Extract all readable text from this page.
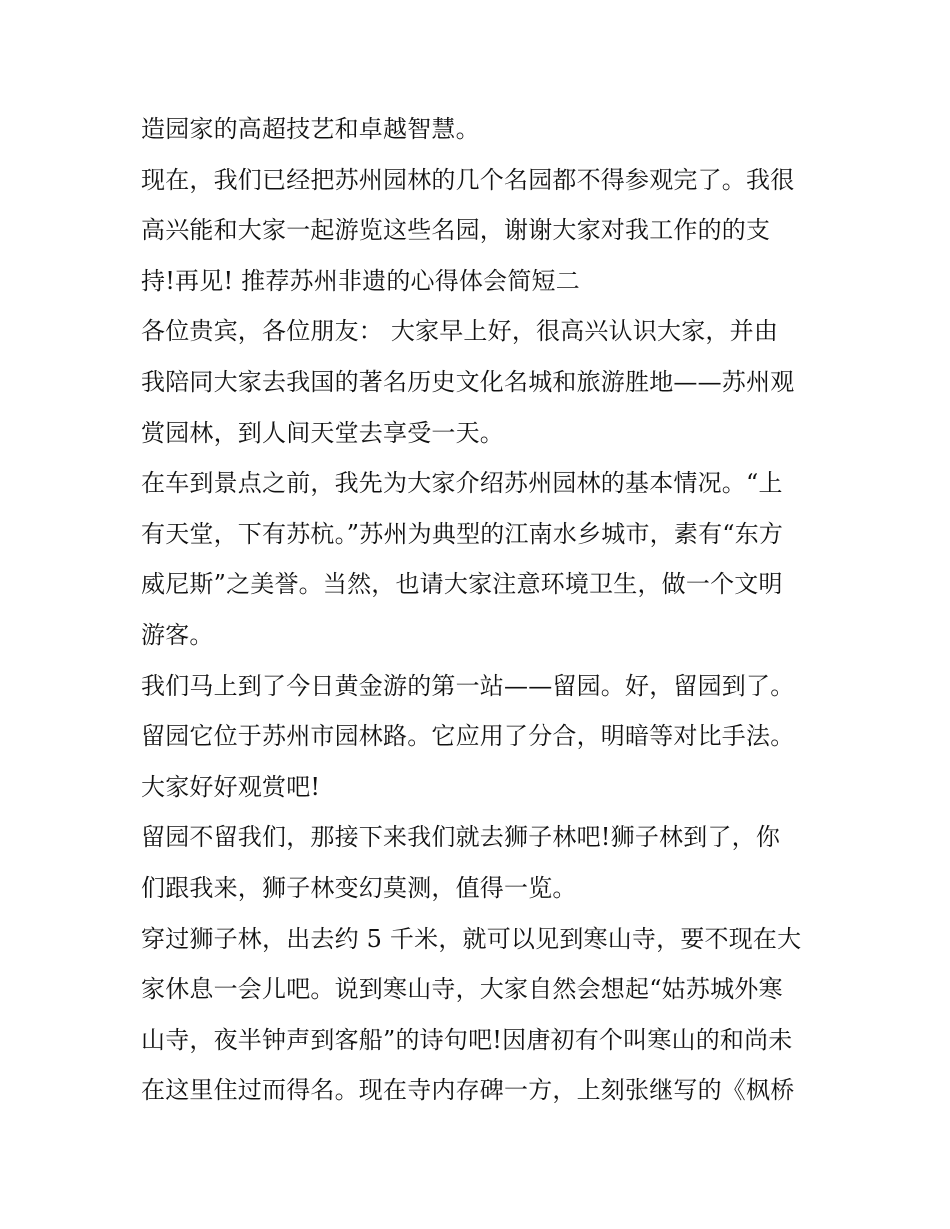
造园家的高超技艺和卓越智慧。
现在，我们已经把苏州园林的几个名园都不得参观完了。我很
高兴能和大家一起游览这些名园，谢谢大家对我工作的的支
持!再见! 推荐苏州非遗的心得体会简短二
各位贵宾，各位朋友： 大家早上好，很高兴认识大家，并由
我陪同大家去我国的著名历史文化名城和旅游胜地——苏州观
赏园林，到人间天堂去享受一天。
在车到景点之前，我先为大家介绍苏州园林的基本情况。“上
有天堂，下有苏杭。”苏州为典型的江南水乡城市，素有“东方
威尼斯”之美誉。当然，也请大家注意环境卫生，做一个文明
游客。
我们马上到了今日黄金游的第一站——留园。好，留园到了。
留园它位于苏州市园林路。它应用了分合，明暗等对比手法。
大家好好观赏吧!
留园不留我们，那接下来我们就去狮子林吧!狮子林到了，你
们跟我来，狮子林变幻莫测，值得一览。
穿过狮子林，出去约 5 千米，就可以见到寒山寺，要不现在大
家休息一会儿吧。说到寒山寺，大家自然会想起“姑苏城外寒
山寺，夜半钟声到客船”的诗句吧!因唐初有个叫寒山的和尚未
在这里住过而得名。现在寺内存碑一方，上刻张继写的《枫桥
